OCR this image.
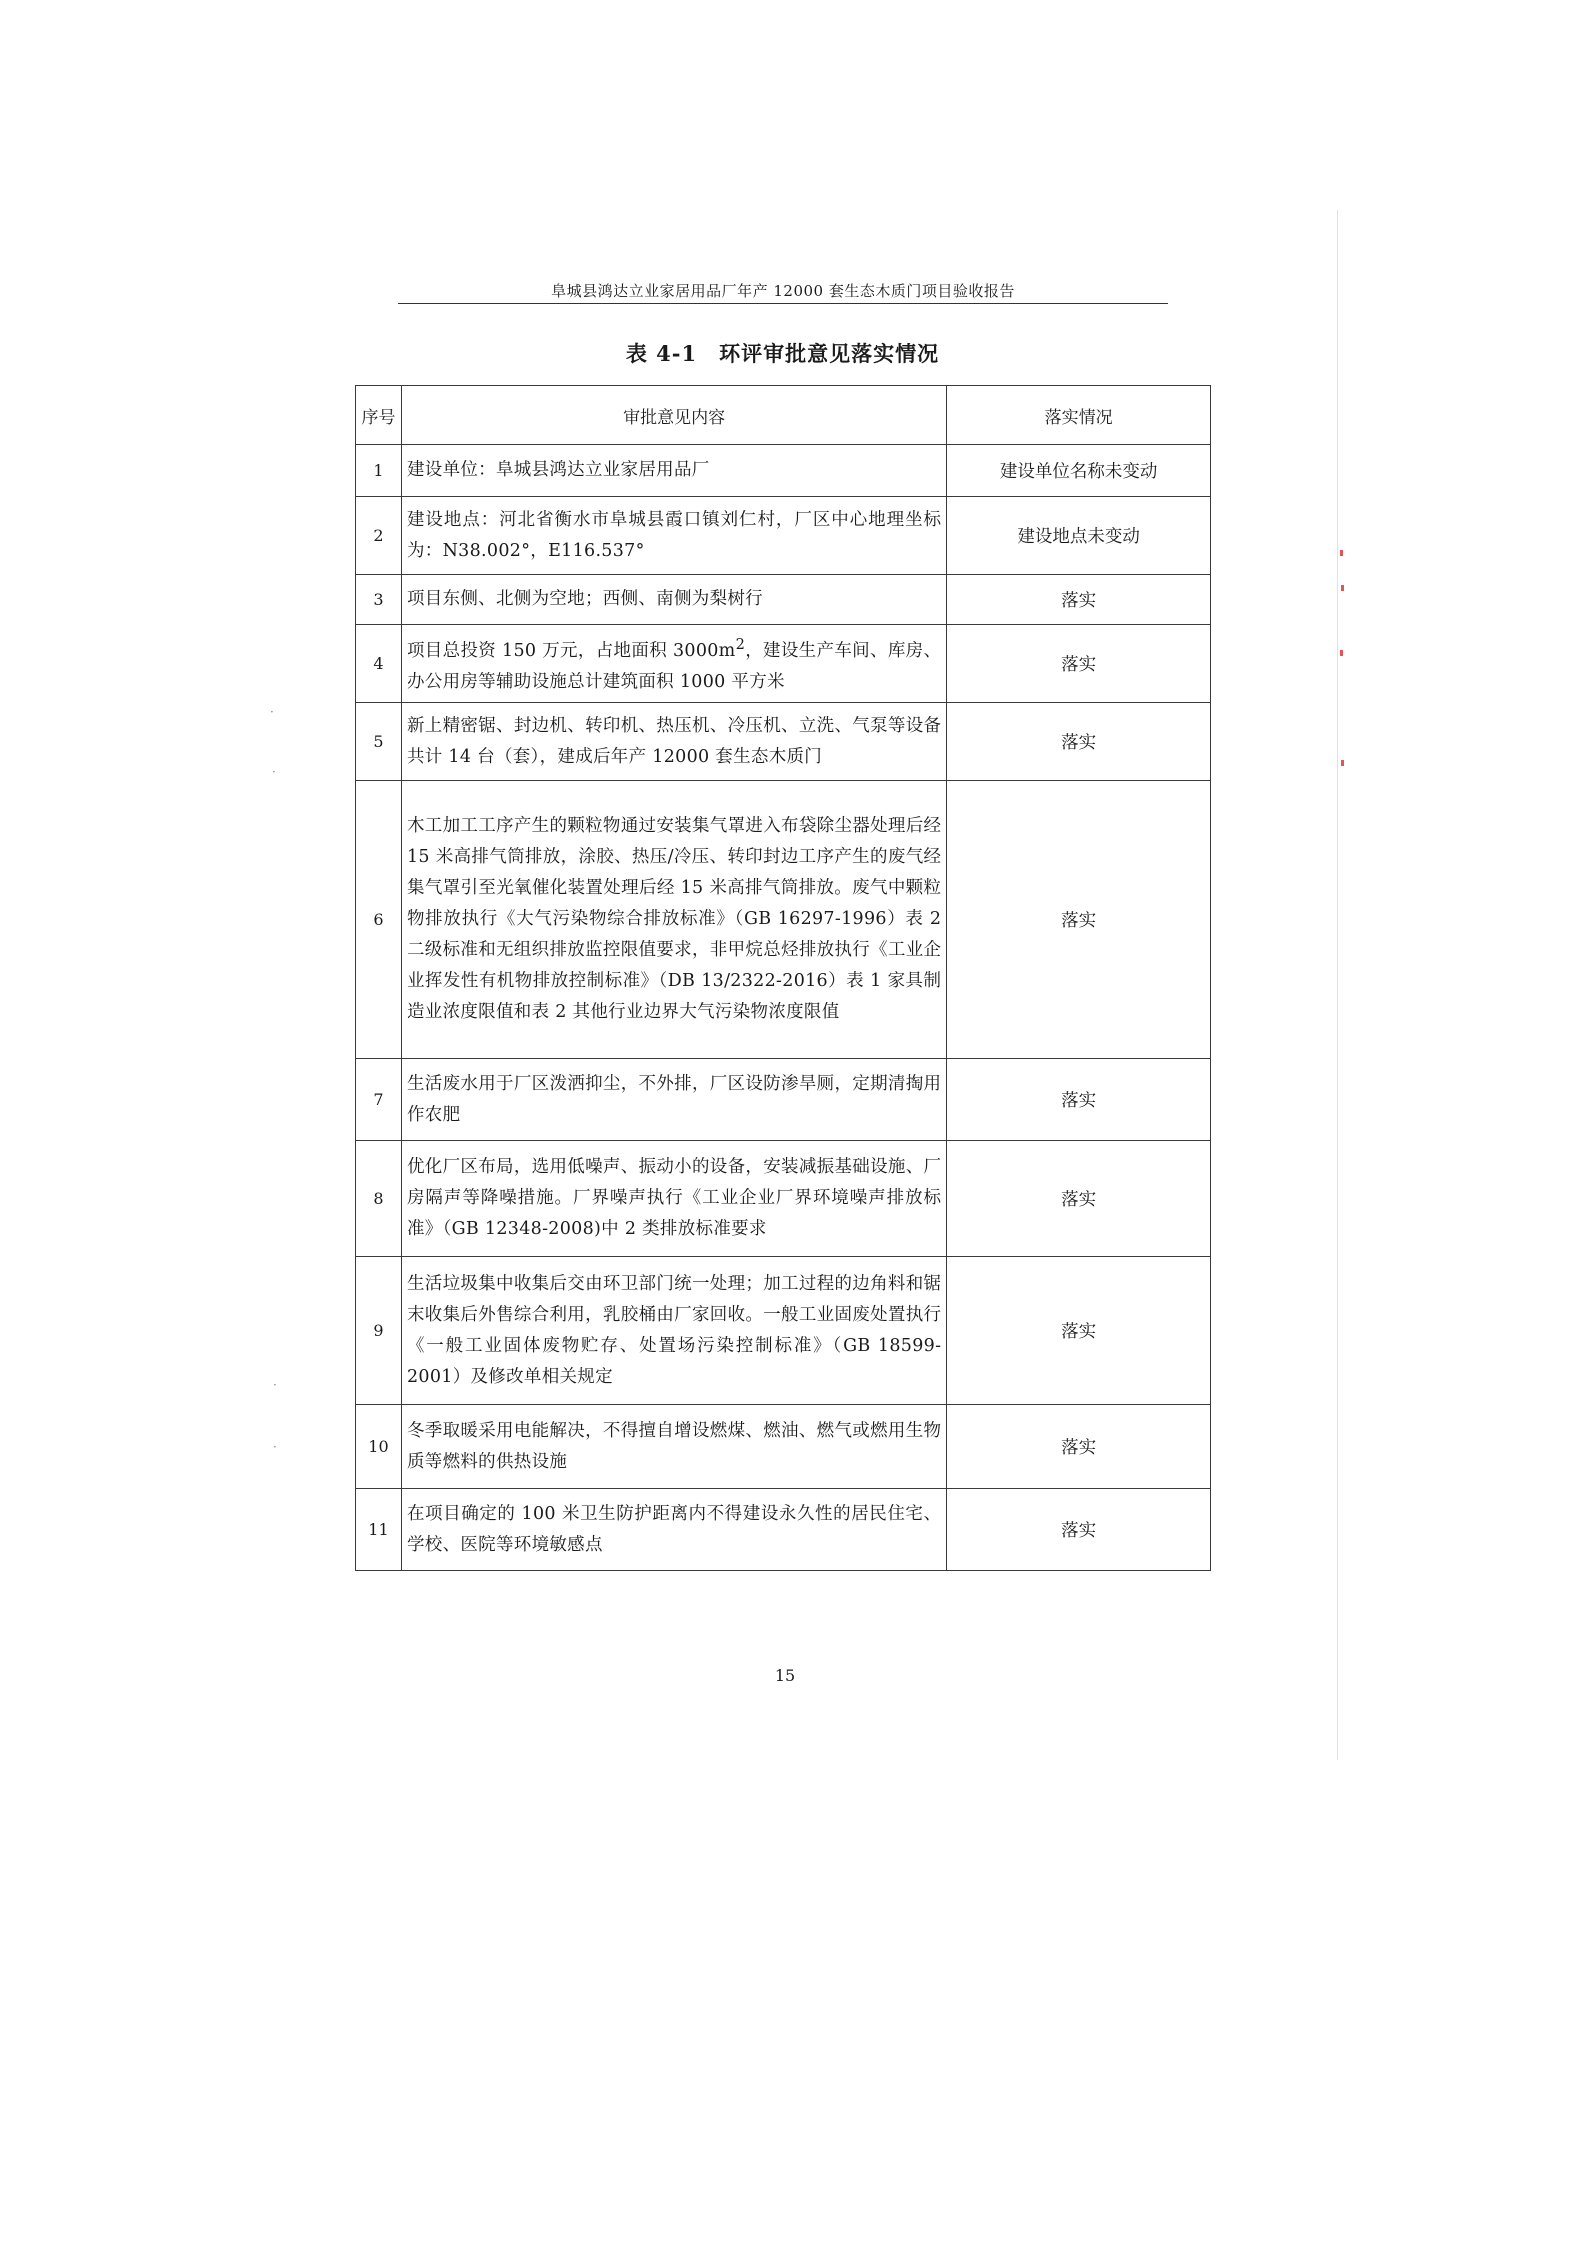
·
·
·
·
阜城县鸿达立业家居用品厂年产 12000 套生态木质门项目验收报告
表 4-1　环评审批意见落实情况
序号	审批意见内容	落实情况
1	建设单位：阜城县鸿达立业家居用品厂	建设单位名称未变动
2	建设地点：河北省衡水市阜城县霞口镇刘仁村，厂区中心地理坐标为：N38.002°，E116.537°	建设地点未变动
3	项目东侧、北侧为空地；西侧、南侧为梨树行	落实
4	项目总投资 150 万元，占地面积 $3000m^2$，建设生产车间、库房、办公用房等辅助设施总计建筑面积 1000 平方米	落实
5	新上精密锯、封边机、转印机、热压机、冷压机、立洗、气泵等设备共计 14 台（套），建成后年产 12000 套生态木质门	落实
6	木工加工工序产生的颗粒物通过安装集气罩进入布袋除尘器处理后经 15 米高排气筒排放，涂胶、热压/冷压、转印封边工序产生的废气经集气罩引至光氧催化装置处理后经 15 米高排气筒排放。废气中颗粒物排放执行《大气污染物综合排放标准》（GB 16297-1996）表 2 二级标准和无组织排放监控限值要求，非甲烷总烃排放执行《工业企业挥发性有机物排放控制标准》（DB 13/2322-2016）表 1 家具制造业浓度限值和表 2 其他行业边界大气污染物浓度限值	落实
7	生活废水用于厂区泼洒抑尘，不外排，厂区设防渗旱厕，定期清掏用作农肥	落实
8	优化厂区布局，选用低噪声、振动小的设备，安装减振基础设施、厂房隔声等降噪措施。厂界噪声执行《工业企业厂界环境噪声排放标准》（GB 12348-2008)中 2 类排放标准要求	落实
9	生活垃圾集中收集后交由环卫部门统一处理；加工过程的边角料和锯末收集后外售综合利用，乳胶桶由厂家回收。一般工业固废处置执行《一般工业固体废物贮存、处置场污染控制标准》（GB 18599-2001）及修改单相关规定	落实
10	冬季取暖采用电能解决，不得擅自增设燃煤、燃油、燃气或燃用生物质等燃料的供热设施	落实
11	在项目确定的 100 米卫生防护距离内不得建设永久性的居民住宅、学校、医院等环境敏感点	落实
15
